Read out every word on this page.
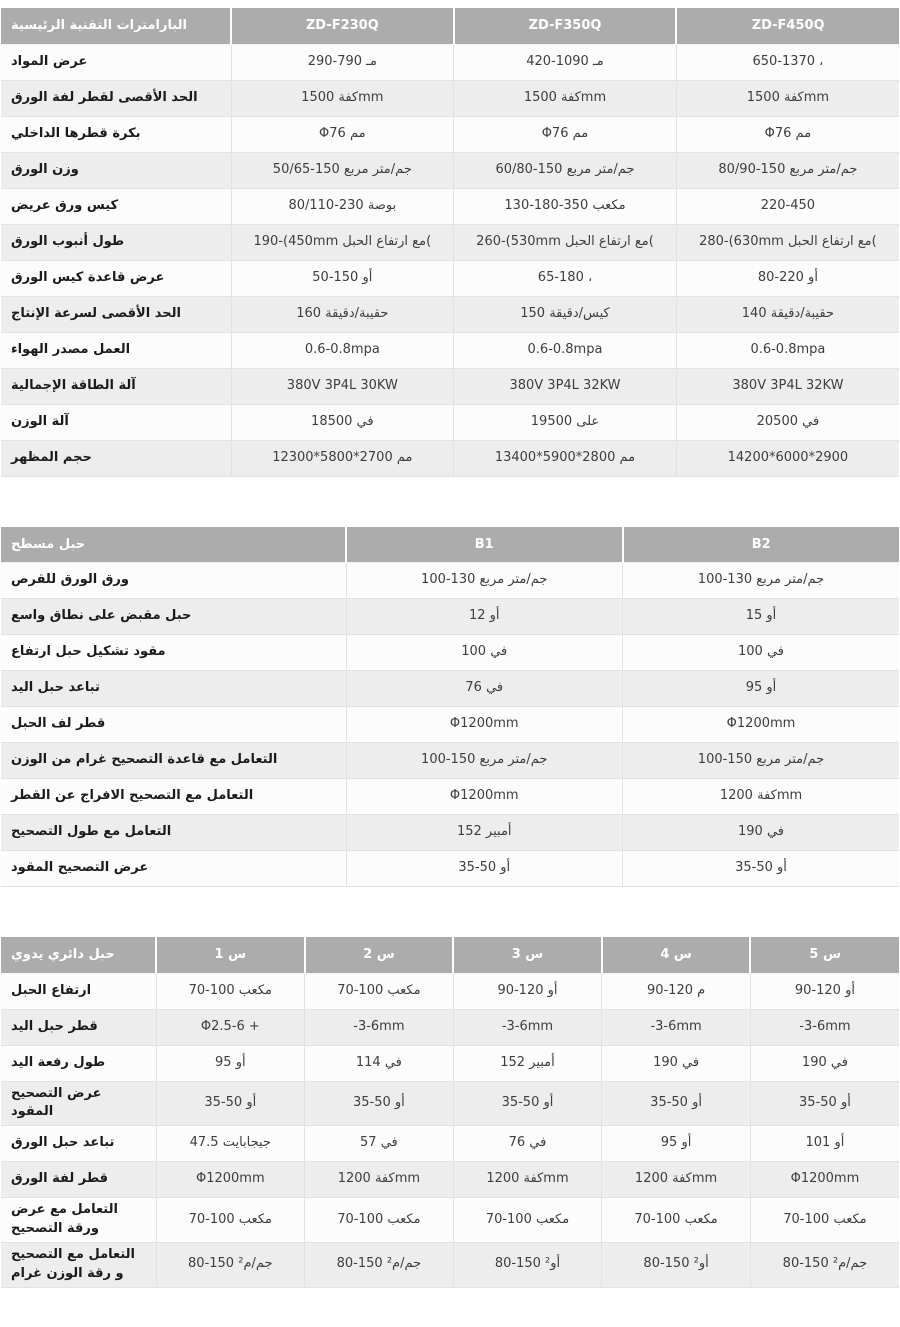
البارامترات التقنية الرئيسية	ZD-F230Q	ZD-F350Q	ZD-F450Q
عرض المواد	290-790 مـ	420-1090 مـ	650-1370 ،
الحد الأقصى لقطر لفة الورق	1500 كفةmm	1500 كفةmm	1500 كفةmm
بكرة قطرها الداخلي	Φ76 مم	Φ76 مم	Φ76 مم
وزن الورق	50/65-150 جم/متر مربع	60/80-150 جم/متر مربع	80/90-150 جم/متر مربع
كيس ورق عريض	80/110-230 بوصة	130-180-350 مكعب	220-450
طول أنبوب الورق	190-(450mm مع ارتفاع الحبل(	260-(530mm مع ارتفاع الحبل(	280-(630mm مع ارتفاع الحبل(
عرض قاعدة كيس الورق	50-150 أو	65-180 ،	80-220 أو
الحد الأقصى لسرعة الإنتاج	160 حقيبة/دقيقة	150 كيس/دقيقة	140 حقيبة/دقيقة
العمل مصدر الهواء	0.6-0.8mpa	0.6-0.8mpa	0.6-0.8mpa
آلة الطاقة الإجمالية	380V 3P4L 30KW	380V 3P4L 32KW	380V 3P4L 32KW
آلة الوزن	18500 في	19500 على	20500 في
حجم المظهر	12300*5800*2700 مم	13400*5900*2800 مم	14200*6000*2900
حبل مسطح	B1	B2
ورق الورق للقرص	100-130 جم/متر مربع	100-130 جم/متر مربع
حبل مقبض على نطاق واسع	12 أو	15 أو
مقود تشكيل حبل ارتفاع	100 في	100 في
تباعد حبل اليد	76 في	95 أو
قطر لف الحبل	Φ1200mm	Φ1200mm
التعامل مع قاعدة التصحيح غرام من الوزن	100-150 جم/متر مربع	100-150 جم/متر مربع
التعامل مع التصحيح الافراج عن القطر	Φ1200mm	1200 كفةmm
التعامل مع طول التصحيح	152 أمبير	190 في
عرض التصحيح المقود	35-50 أو	35-50 أو
حبل دائري يدوي	1 س	2 س	3 س	4 س	5 س
ارتفاع الحبل	70-100 مكعب	70-100 مكعب	90-120 أو	90-120 م	90-120 أو
قطر حبل اليد	Φ2.5-6 +	-3-6mm	-3-6mm	-3-6mm	-3-6mm
طول رفعة اليد	95 أو	114 في	152 أمبير	190 في	190 في
عرض التصحيح المقود	35-50 أو	35-50 أو	35-50 أو	35-50 أو	35-50 أو
تباعد حبل الورق	47.5 جيجابايت	57 في	76 في	95 أو	101 أو
قطر لفة الورق	Φ1200mm	1200 كفةmm	1200 كفةmm	1200 كفةmm	Φ1200mm
التعامل مع عرض ورقة التصحيح	70-100 مكعب	70-100 مكعب	70-100 مكعب	70-100 مكعب	70-100 مكعب
التعامل مع التصحيح و رقة الوزن غرام	80-150 جم/م²	80-150 جم/م²	80-150 أو²	80-150 أو²	80-150 جم/م²
